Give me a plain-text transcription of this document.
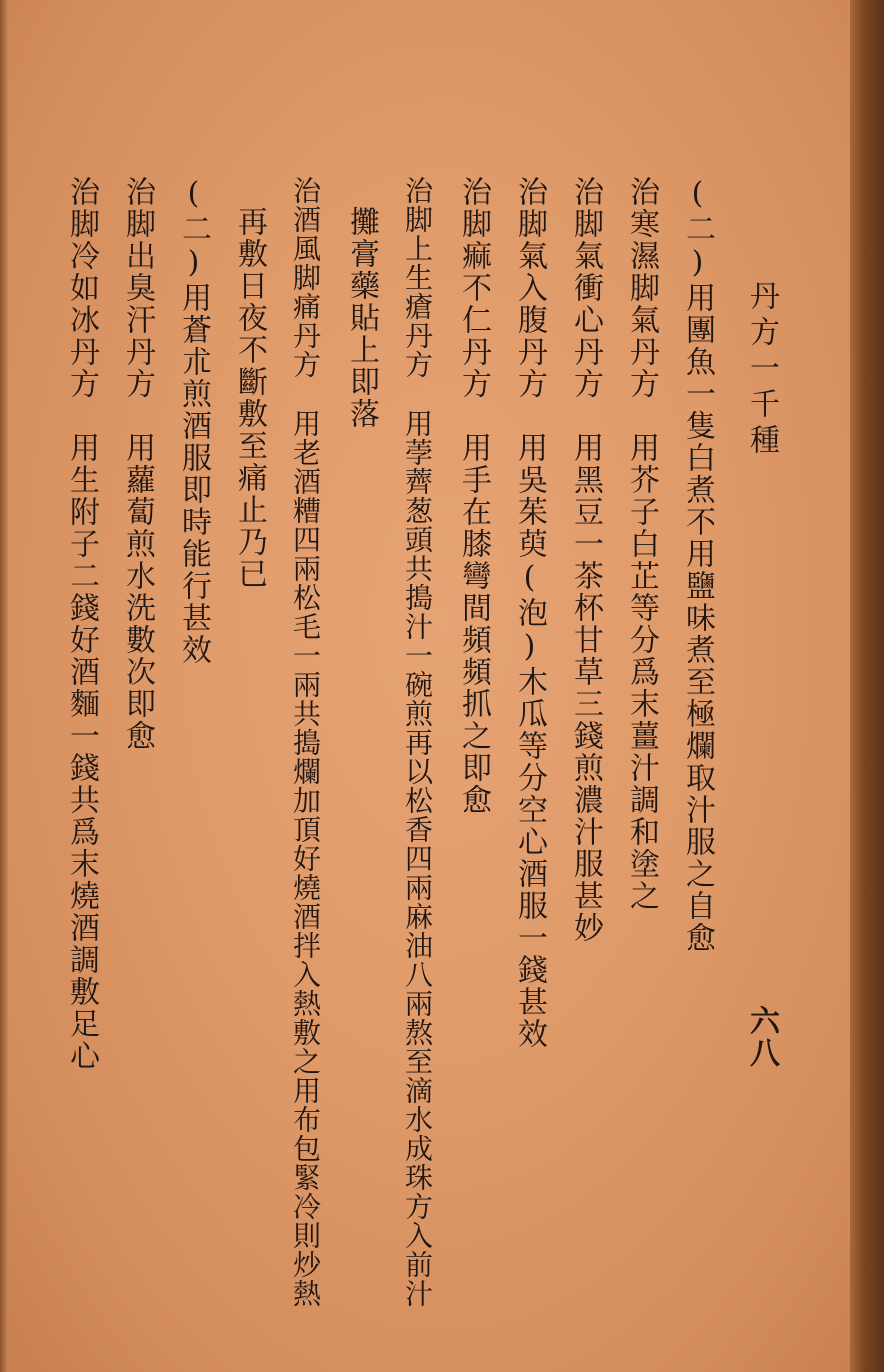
丹方一千種
六八
(二)用團魚一隻白煮不用鹽味煮至極爛取汁服之自愈
治寒濕脚氣丹方用芥子白芷等分爲末薑汁調和塗之
治脚氣衝心丹方用黑豆一茶杯甘草三錢煎濃汁服甚妙
治脚氣入腹丹方用吳茱萸(泡)木瓜等分空心酒服一錢甚效
治脚痲不仁丹方用手在膝彎間頻頻抓之即愈
治脚上生瘡丹方用荸薺葱頭共搗汁一碗煎再以松香四兩麻油八兩熬至滴水成珠方入前汁
攤膏藥貼上即落
治酒風脚痛丹方用老酒糟四兩松毛一兩共搗爛加頂好燒酒拌入熱敷之用布包緊冷則炒熱
再敷日夜不斷敷至痛止乃已
(二)用蒼朮煎酒服即時能行甚效
治脚出臭汗丹方用蘿蔔煎水洗數次即愈
治脚冷如冰丹方用生附子二錢好酒麵一錢共爲末燒酒調敷足心
